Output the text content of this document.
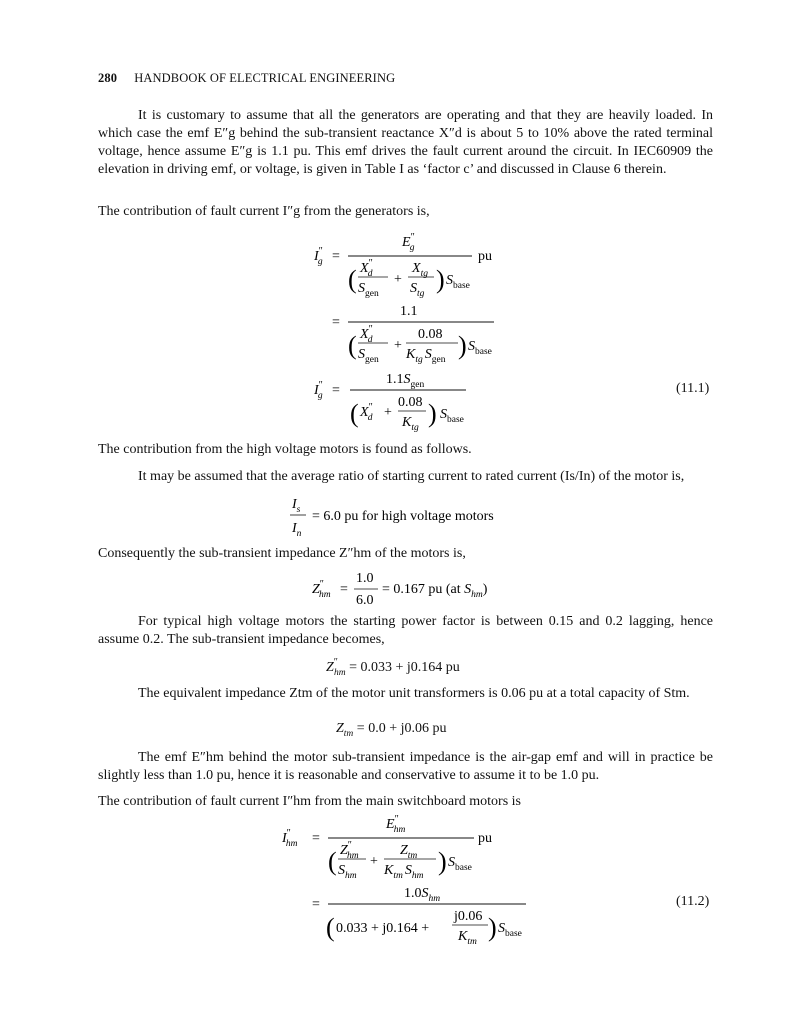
280 HANDBOOK OF ELECTRICAL ENGINEERING
It is customary to assume that all the generators are operating and that they are heavily loaded. In which case the emf E″g behind the sub-transient reactance X″d is about 5 to 10% above the rated terminal voltage, hence assume E″g is 1.1 pu. This emf drives the fault current around the circuit. In IEC60909 the elevation in driving emf, or voltage, is given in Table I as ‘factor c’ and discussed in Clause 6 therein.
The contribution of fault current I″g from the generators is,
I″ g =
E″ g
( X″ d
$S_{gen}$
+
$X_{tg}$
$S_{tg}$ ) $S_{base}$
pu
=
1.1
( X″ d
$S_{gen}$
+
0.08
$K_{tg}$ $S_{gen}$ ) $S_{base}$
I″ g =
$1.1S_{gen}$
( X″ d +
0.08
$K_{tg}$ ) $S_{base}$
(11.1)
The contribution from the high voltage motors is found as follows.
It may be assumed that the average ratio of starting current to rated current (Is/In) of the motor is,
$I_s$
$I_n$
= 6.0 pu for high voltage motors
Consequently the sub-transient impedance Z″hm of the motors is,
Z″ hm =
1.0
6.0
= 0.167 pu (at $S_{hm}$)
For typical high voltage motors the starting power factor is between 0.15 and 0.2 lagging, hence assume 0.2. The sub-transient impedance becomes,
$Z''_{hm} = 0.033 + j0.164$ pu
The equivalent impedance Ztm of the motor unit transformers is 0.06 pu at a total capacity of Stm.
$Z_{tm} = 0.0 + j0.06$ pu
The emf E″hm behind the motor sub-transient impedance is the air-gap emf and will in practice be slightly less than 1.0 pu, hence it is reasonable and conservative to assume it to be 1.0 pu.
The contribution of fault current I″hm from the main switchboard motors is
I″ hm =
E″ hm
( Z″ hm
$S_{hm}$
+
$Z_{tm}$
$K_{tm}$ $S_{hm}$ ) $S_{base}$
pu
=
$1.0S_{hm}$
( 0.033 + j0.164 +
j0.06
$K_{tm}$ ) $S_{base}$
(11.2)
